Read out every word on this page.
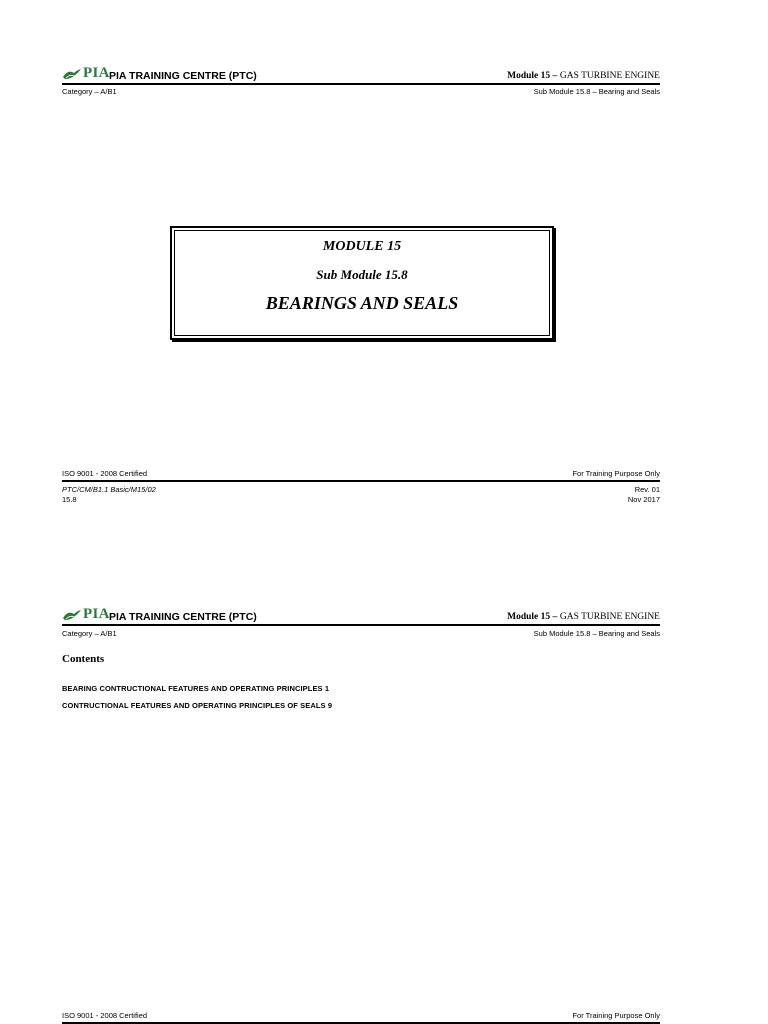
PIA PIA TRAINING CENTRE (PTC)	Module 15 – GAS TURBINE ENGINE
Category – A/B1	Sub Module 15.8 – Bearing and Seals
MODULE 15
Sub Module 15.8
BEARINGS AND SEALS
ISO 9001 - 2008 Certified	For Training Purpose Only
PTC/CM/B1.1 Basic/M15/02	Rev. 01
15.8	Nov 2017
PIA PIA TRAINING CENTRE (PTC)	Module 15 – GAS TURBINE ENGINE
Category – A/B1	Sub Module 15.8 – Bearing and Seals
Contents
BEARING CONTRUCTIONAL FEATURES AND OPERATING PRINCIPLES 1
CONTRUCTIONAL FEATURES AND OPERATING PRINCIPLES OF SEALS 9
ISO 9001 - 2008 Certified	For Training Purpose Only
